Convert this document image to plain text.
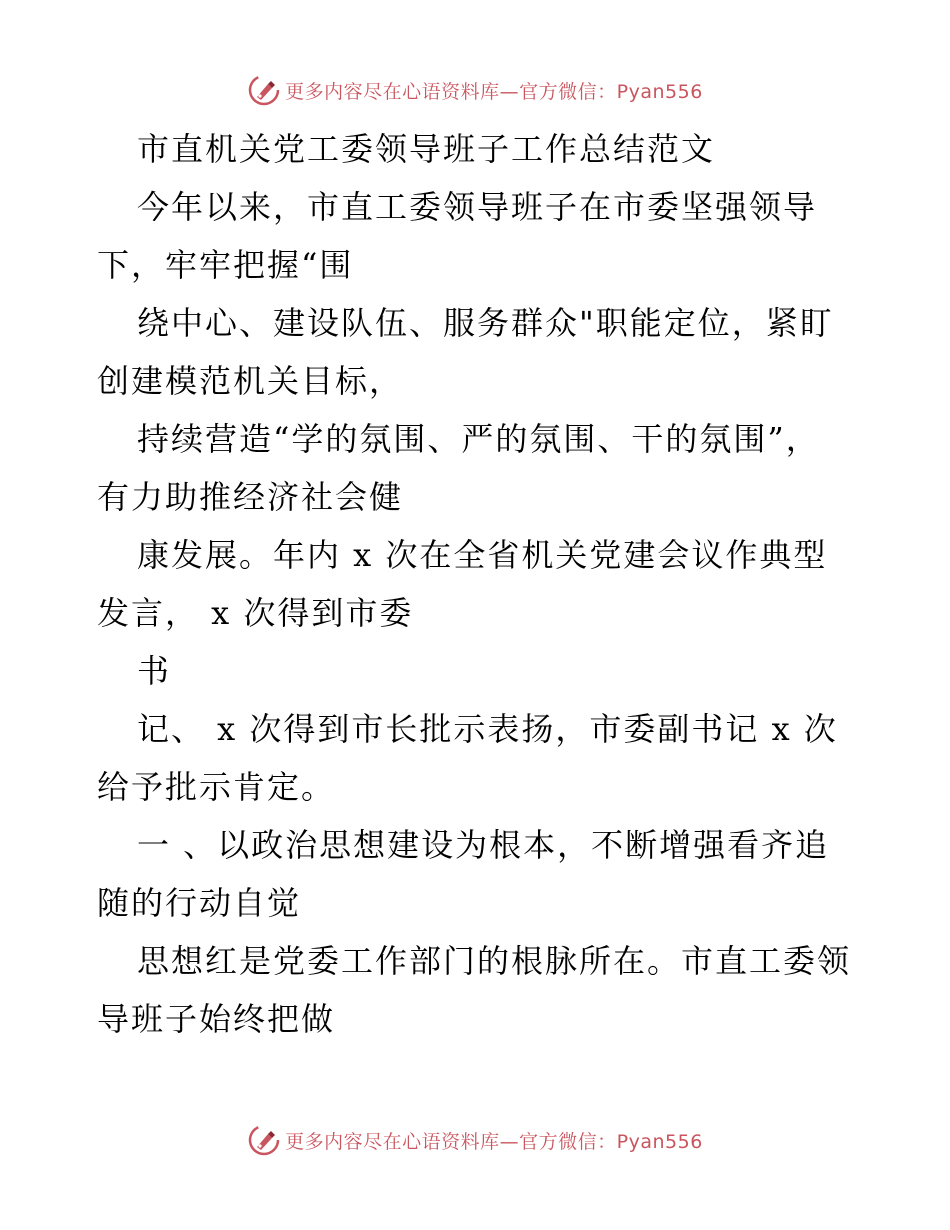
更多内容尽在心语资料库—官方微信：Pyan556
市直机关党工委领导班子工作总结范文
今年以来，市直工委领导班子在市委坚强领导
下，牢牢把握“围
绕中心、建设队伍、服务群众"职能定位，紧盯
创建模范机关目标，
持续营造“学的氛围、严的氛围、干的氛围”，
有力助推经济社会健
康发展。年内 x 次在全省机关党建会议作典型
发言， x 次得到市委
书
记、 x 次得到市长批示表扬，市委副书记 x 次
给予批示肯定。
一 、以政治思想建设为根本，不断增强看齐追
随的行动自觉
思想红是党委工作部门的根脉所在。市直工委领
导班子始终把做
更多内容尽在心语资料库—官方微信：Pyan556
